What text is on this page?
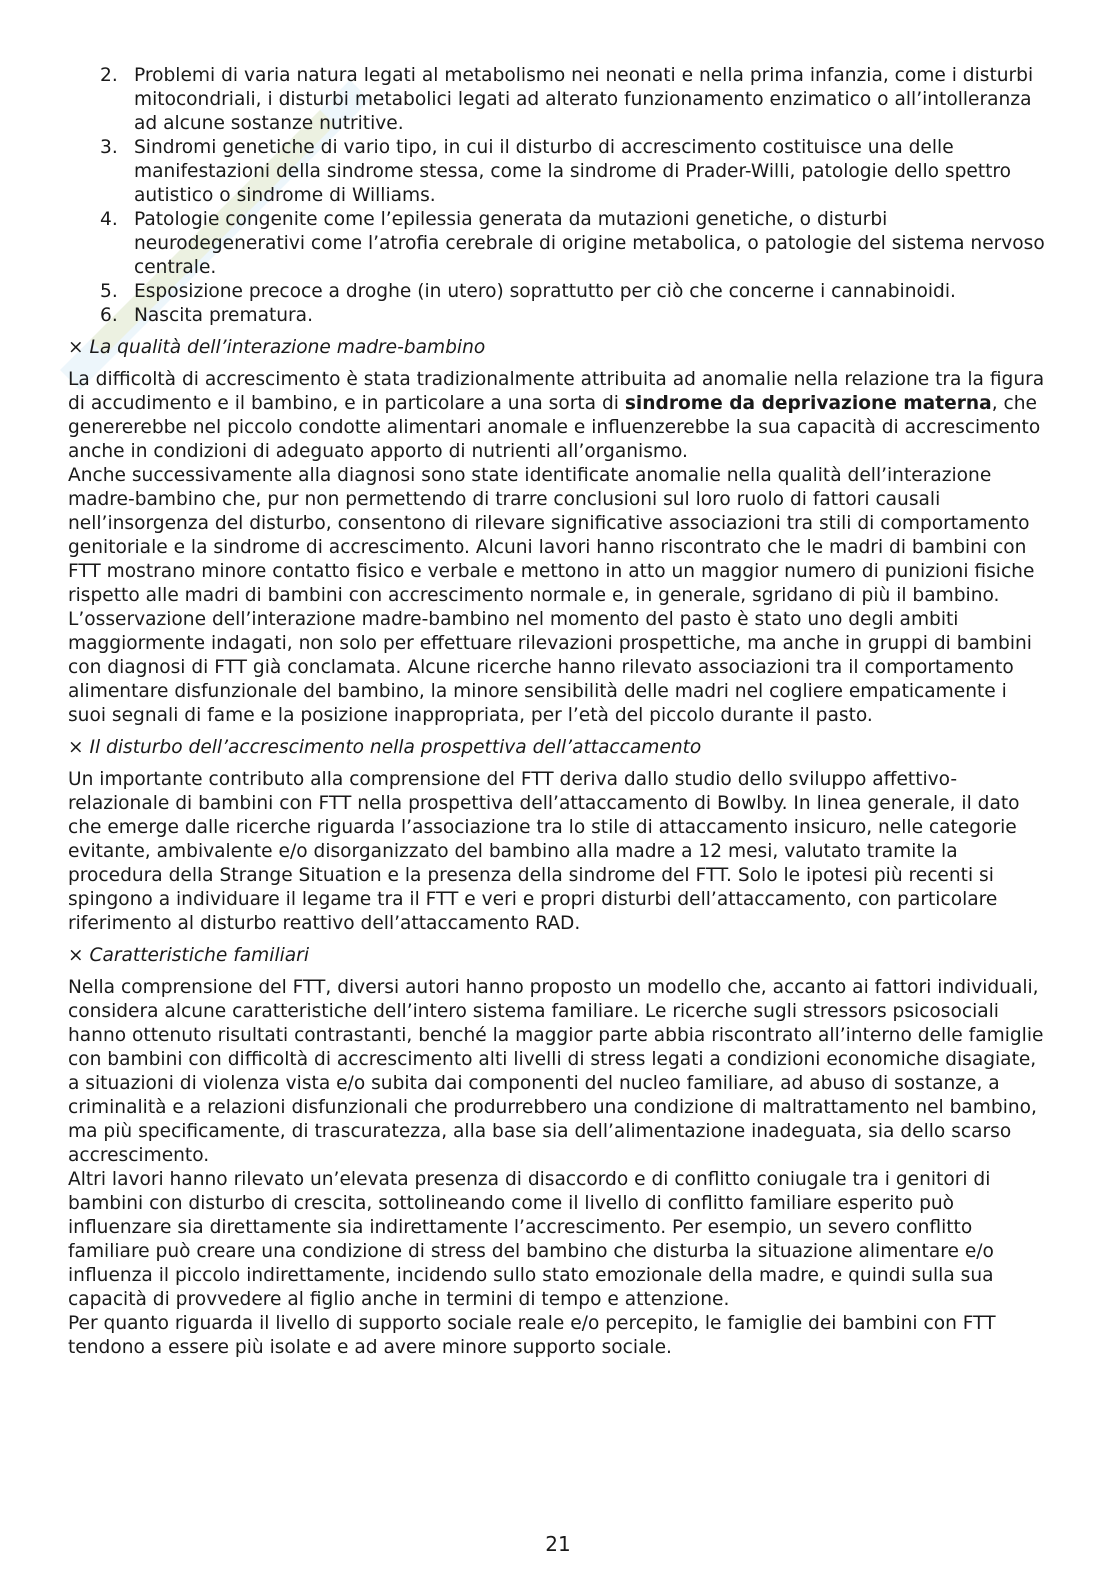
2. Problemi di varia natura legati al metabolismo nei neonati e nella prima infanzia, come i disturbi mitocondriali, i disturbi metabolici legati ad alterato funzionamento enzimatico o all’intolleranza ad alcune sostanze nutritive.
3. Sindromi genetiche di vario tipo, in cui il disturbo di accrescimento costituisce una delle manifestazioni della sindrome stessa, come la sindrome di Prader-Willi, patologie dello spettro autistico o sindrome di Williams.
4. Patologie congenite come l’epilessia generata da mutazioni genetiche, o disturbi neurodegenerativi come l’atrofia cerebrale di origine metabolica, o patologie del sistema nervoso centrale.
5. Esposizione precoce a droghe (in utero) soprattutto per ciò che concerne i cannabinoidi.
6. Nascita prematura.
× La qualità dell’interazione madre-bambino

La difficoltà di accrescimento è stata tradizionalmente attribuita ad anomalie nella relazione tra la figura di accudimento e il bambino, e in particolare a una sorta di sindrome da deprivazione materna, che genererebbe nel piccolo condotte alimentari anomale e influenzerebbe la sua capacità di accrescimento anche in condizioni di adeguato apporto di nutrienti all’organismo.

Anche successivamente alla diagnosi sono state identificate anomalie nella qualità dell’interazione madre-bambino che, pur non permettendo di trarre conclusioni sul loro ruolo di fattori causali nell’insorgenza del disturbo, consentono di rilevare significative associazioni tra stili di comportamento genitoriale e la sindrome di accrescimento. Alcuni lavori hanno riscontrato che le madri di bambini con FTT mostrano minore contatto fisico e verbale e mettono in atto un maggior numero di punizioni fisiche rispetto alle madri di bambini con accrescimento normale e, in generale, sgridano di più il bambino.

L’osservazione dell’interazione madre-bambino nel momento del pasto è stato uno degli ambiti maggiormente indagati, non solo per effettuare rilevazioni prospettiche, ma anche in gruppi di bambini con diagnosi di FTT già conclamata. Alcune ricerche hanno rilevato associazioni tra il comportamento alimentare disfunzionale del bambino, la minore sensibilità delle madri nel cogliere empaticamente i suoi segnali di fame e la posizione inappropriata, per l’età del piccolo durante il pasto.

× Il disturbo dell’accrescimento nella prospettiva dell’attaccamento

Un importante contributo alla comprensione del FTT deriva dallo studio dello sviluppo affettivo-relazionale di bambini con FTT nella prospettiva dell’attaccamento di Bowlby. In linea generale, il dato che emerge dalle ricerche riguarda l’associazione tra lo stile di attaccamento insicuro, nelle categorie evitante, ambivalente e/o disorganizzato del bambino alla madre a 12 mesi, valutato tramite la procedura della Strange Situation e la presenza della sindrome del FTT. Solo le ipotesi più recenti si spingono a individuare il legame tra il FTT e veri e propri disturbi dell’attaccamento, con particolare riferimento al disturbo reattivo dell’attaccamento RAD.

× Caratteristiche familiari

Nella comprensione del FTT, diversi autori hanno proposto un modello che, accanto ai fattori individuali, considera alcune caratteristiche dell’intero sistema familiare. Le ricerche sugli stressors psicosociali hanno ottenuto risultati contrastanti, benché la maggior parte abbia riscontrato all’interno delle famiglie con bambini con difficoltà di accrescimento alti livelli di stress legati a condizioni economiche disagiate, a situazioni di violenza vista e/o subita dai componenti del nucleo familiare, ad abuso di sostanze, a criminalità e a relazioni disfunzionali che produrrebbero una condizione di maltrattamento nel bambino, ma più specificamente, di trascuratezza, alla base sia dell’alimentazione inadeguata, sia dello scarso accrescimento.

Altri lavori hanno rilevato un’elevata presenza di disaccordo e di conflitto coniugale tra i genitori di bambini con disturbo di crescita, sottolineando come il livello di conflitto familiare esperito può influenzare sia direttamente sia indirettamente l’accrescimento. Per esempio, un severo conflitto familiare può creare una condizione di stress del bambino che disturba la situazione alimentare e/o influenza il piccolo indirettamente, incidendo sullo stato emozionale della madre, e quindi sulla sua capacità di provvedere al figlio anche in termini di tempo e attenzione.

Per quanto riguarda il livello di supporto sociale reale e/o percepito, le famiglie dei bambini con FTT tendono a essere più isolate e ad avere minore supporto sociale.

21
